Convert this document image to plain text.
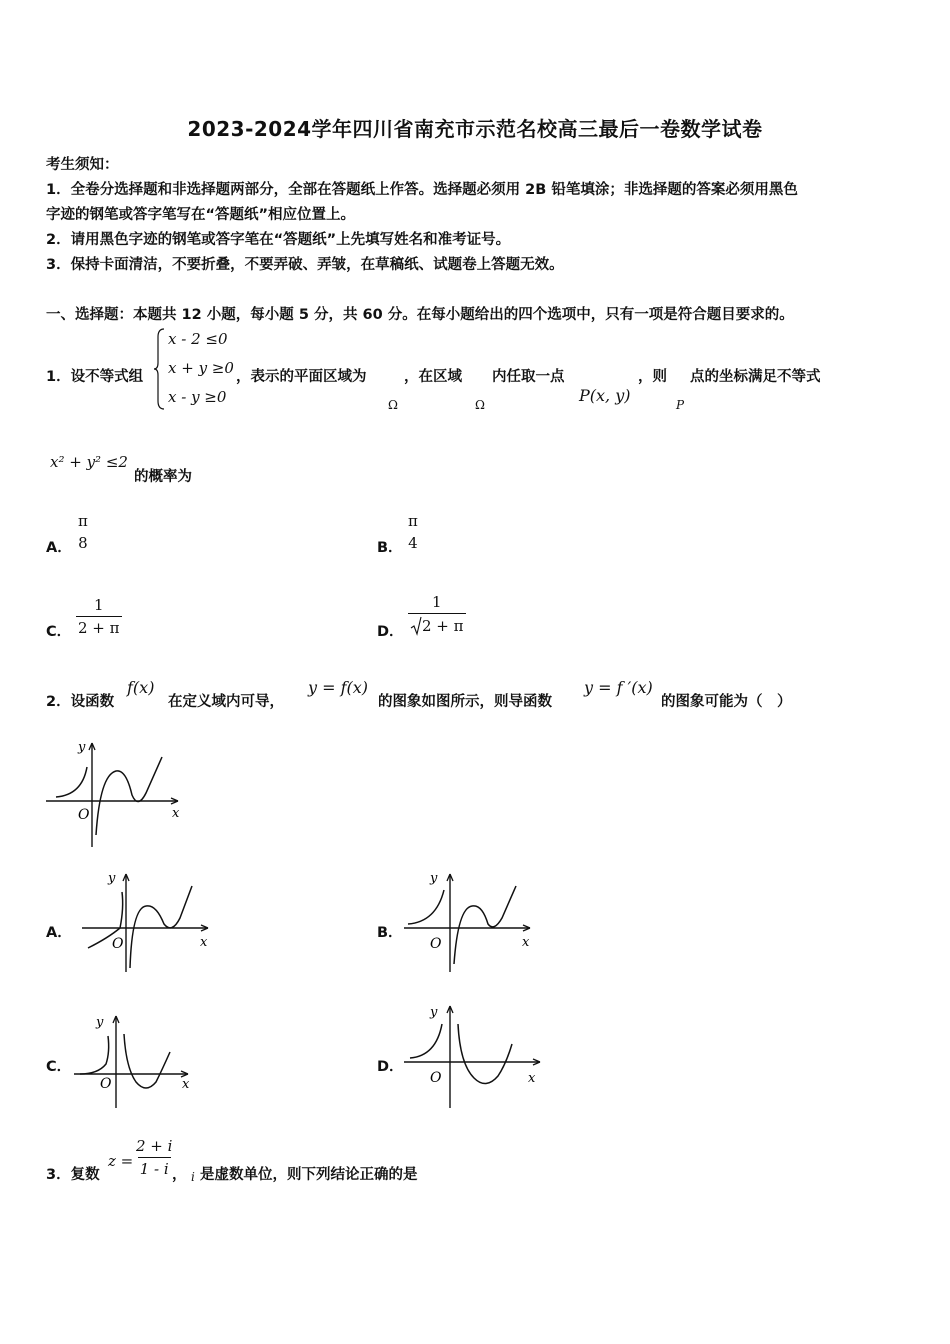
2023-2024学年四川省南充市示范名校高三最后一卷数学试卷
考生须知：
1．全卷分选择题和非选择题两部分，全部在答题纸上作答。选择题必须用 2B 铅笔填涂；非选择题的答案必须用黑色
字迹的钢笔或答字笔写在“答题纸”相应位置上。
2．请用黑色字迹的钢笔或答字笔在“答题纸”上先填写姓名和准考证号。
3．保持卡面清洁，不要折叠，不要弄破、弄皱，在草稿纸、试题卷上答题无效。
一、选择题：本题共 12 小题，每小题 5 分，共 60 分。在每小题给出的四个选项中，只有一项是符合题目要求的。
1．设不等式组
x - 2 ≤0
x + y ≥0
x - y ≥0
，表示的平面区域为	，在区域 内任取一点	，则 点的坐标满足不等式
Ω	Ω	P(x, y)	P
x² + y² ≤2
的概率为
A．
π
8	B．
π
4
C． $\frac{1}{2 + \pi}$	D． $\frac{1}{2 + \pi}$
2．设函数
f(x)
在定义域内可导，
y = f(x)
的图象如图所示，则导函数
y = f ′(x)
的图象可能为（　）
y
x
O
A．
y
x
O
B．
y
x
O
C．
y
x
O
D．
y
x
O
3．复数
$z = \frac{2 + i}{1 - i}$
， i 是虚数单位，则下列结论正确的是
